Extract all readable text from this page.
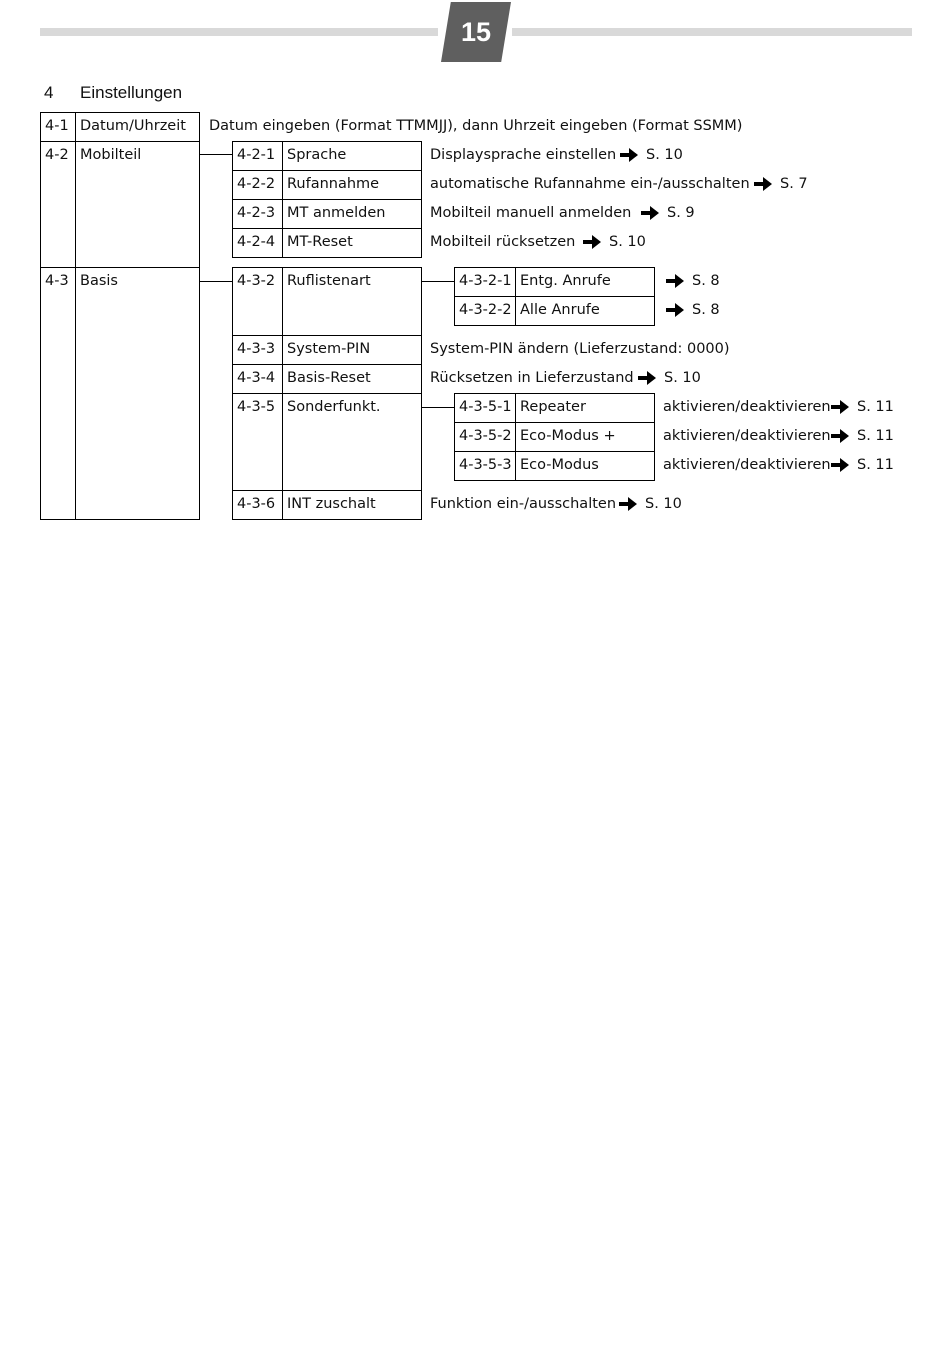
15
4 Einstellungen
4-1 Datum/Uhrzeit Datum eingeben (Format TTMMJJ), dann Uhrzeit eingeben (Format SSMM)
4-2 Mobilteil
4-3 Basis
4-2-1 Sprache	Displaysprache einstellen S. 10
4-2-2 Rufannahme	automatische Rufannahme ein-/ausschalten S. 7
4-2-3 MT anmelden	Mobilteil manuell anmelden S. 9
4-2-4 MT-Reset	Mobilteil rücksetzen S. 10
4-3-2 Ruflistenart
4-3-3 System-PIN	System-PIN ändern (Lieferzustand: 0000)
4-3-4 Basis-Reset	Rücksetzen in Lieferzustand S. 10
4-3-5 Sonderfunkt.
4-3-6 INT zuschalt	Funktion ein-/ausschalten S. 10
4-3-2-1 Entg. Anrufe	S. 8
4-3-2-2 Alle Anrufe	S. 8
4-3-5-1 Repeater	aktivieren/deaktivieren S. 11
4-3-5-2 Eco-Modus +	aktivieren/deaktivieren S. 11
4-3-5-3 Eco-Modus	aktivieren/deaktivieren S. 11
